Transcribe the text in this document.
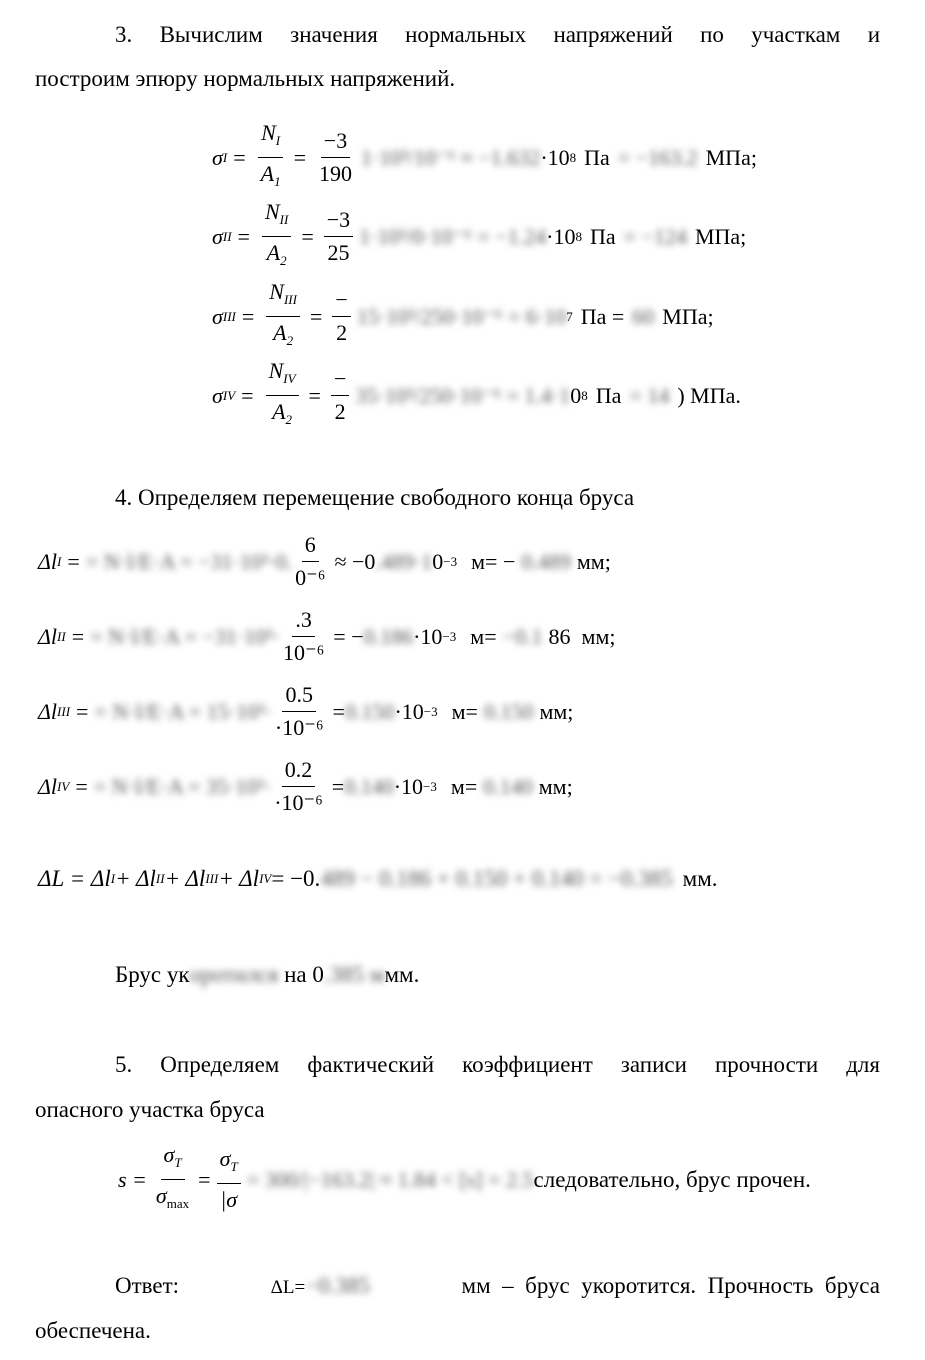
3. Вычислим значения нормальных напряжений по участкам и
построим эпюру нормальных напряжений.
σ $I = \frac{N_I}{A_1} = \frac{-3}{190} 1\cdot 10^3/10^{-6} \approx -1.632 \cdot 10$ 8 Па = −163.2 МПа;
σ II = $\frac{N_{II}}{A_2} = \frac{-3}{25} 1\cdot 10^3/0\cdot 10^{-6} = -1.24 \cdot 10$ 8 Па = −124 МПа;
σ III = $\frac{N_{III}}{A_2} = \frac{-}{2} 15\cdot 10^3/250\cdot 10^{-6} = 6\cdot 10$ 7 Па = 60 МПа;
σ IV = $\frac{N_{IV}}{A_2} = \frac{-}{2} 35\cdot 10^3/250\cdot 10^{-6} = 1.4\cdot 1$ 0 8 Па = 14 ) МПа.
4. Определяем перемещение свободного конца бруса
Δl I = = N·l/E·A = −31·10³·0. $\frac{6}{\text{0⁻⁶}} \approx -0$ .489·1 0 −3 м= − 0.489 мм;
Δl II = = $N\cdot l/E\cdot A = -31\cdot 10^3\cdot \frac{.3}{\text{10⁻⁶}}$ = − 0.186 ·10 −3 м= −0.1 86  мм;
Δl III = = $N\cdot l/E\cdot A = 15\cdot 10^3\cdot \frac{0.5}{\text{·10⁻⁶}} = 0.150 \cdot 10 -3$ м= 0.150 мм;
Δl IV = = $N\cdot l/E\cdot A = 35\cdot 10^3\cdot \frac{0.2}{\text{·10⁻⁶}} = 0.140 \cdot 10 -3$ м= 0.140 мм;
ΔL = Δl I + Δl II + Δl III + Δl IV = −0. 489 − 0.186 + 0.150 + 0.140 = −0.385 мм.
Брус укоротился на 0.385 ммм.
5. Определяем фактический коэффициент записи прочности для
опасного участка бруса
$s = \frac{\sigma_T}{\sigma_{max}} = \frac{\sigma_T}{|\sigma} = 300/|-163.2| \approx 1.84 < [s] = 2.5$ следовательно, брус прочен.
Ответ:	ΔL=−0.385	мм  –  брус  укоротится.  Прочность  бруса
обеспечена.
